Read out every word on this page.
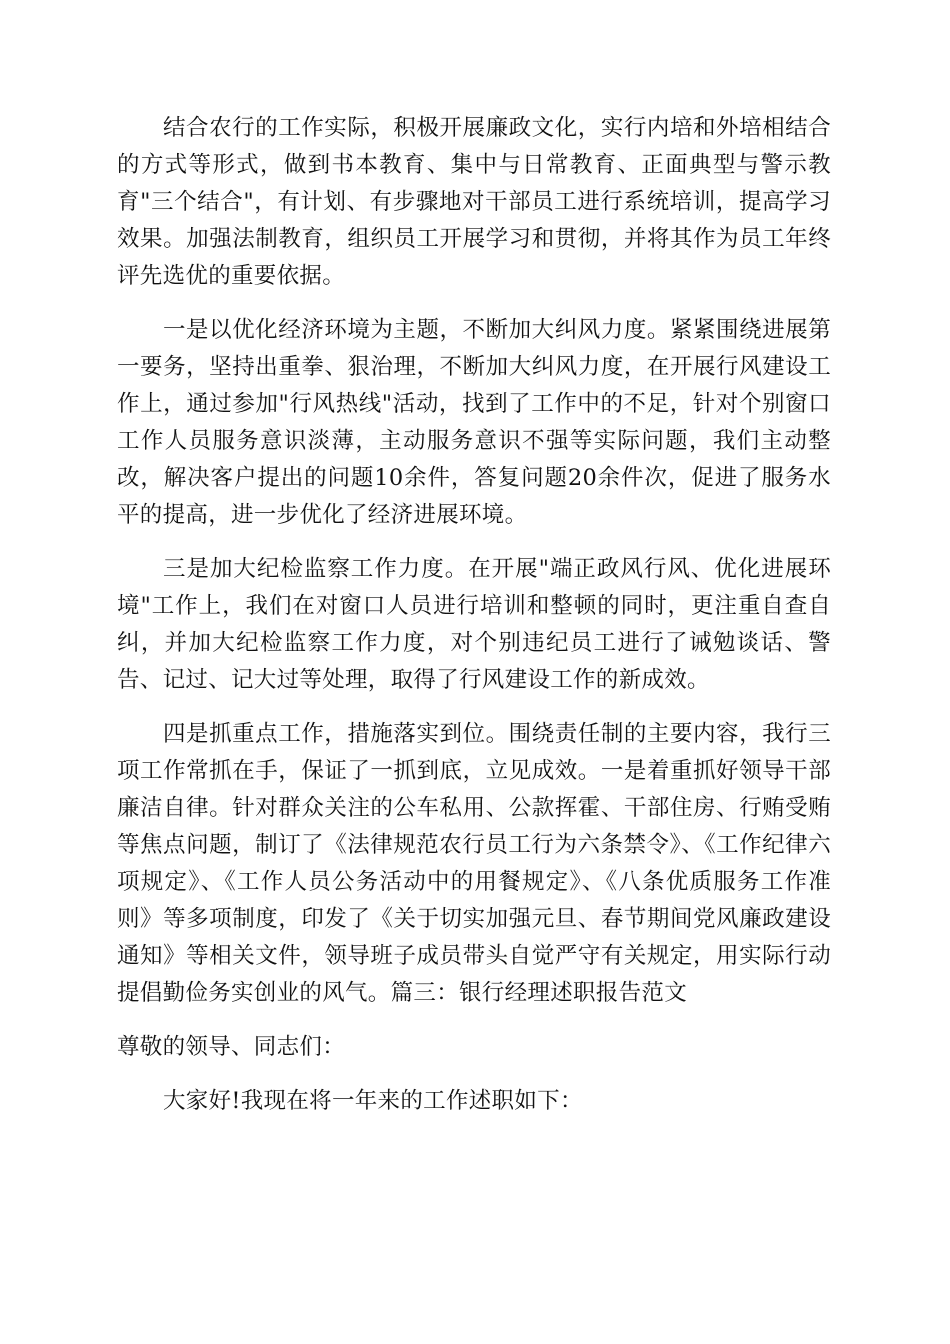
结合农行的工作实际，积极开展廉政文化，实行内培和外培相结合的方式等形式，做到书本教育、集中与日常教育、正面典型与警示教育"三个结合"，有计划、有步骤地对干部员工进行系统培训，提高学习效果。加强法制教育，组织员工开展学习和贯彻，并将其作为员工年终评先选优的重要依据。

一是以优化经济环境为主题，不断加大纠风力度。紧紧围绕进展第一要务，坚持出重拳、狠治理，不断加大纠风力度，在开展行风建设工作上，通过参加"行风热线"活动，找到了工作中的不足，针对个别窗口工作人员服务意识淡薄，主动服务意识不强等实际问题，我们主动整改，解决客户提出的问题10余件，答复问题20余件次，促进了服务水平的提高，进一步优化了经济进展环境。

三是加大纪检监察工作力度。在开展"端正政风行风、优化进展环境"工作上，我们在对窗口人员进行培训和整顿的同时，更注重自查自纠，并加大纪检监察工作力度，对个别违纪员工进行了诫勉谈话、警告、记过、记大过等处理，取得了行风建设工作的新成效。

四是抓重点工作，措施落实到位。围绕责任制的主要内容，我行三项工作常抓在手，保证了一抓到底，立见成效。一是着重抓好领导干部廉洁自律。针对群众关注的公车私用、公款挥霍、干部住房、行贿受贿等焦点问题，制订了《法律规范农行员工行为六条禁令》、《工作纪律六项规定》、《工作人员公务活动中的用餐规定》、《八条优质服务工作准则》等多项制度，印发了《关于切实加强元旦、春节期间党风廉政建设通知》等相关文件，领导班子成员带头自觉严守有关规定，用实际行动提倡勤俭务实创业的风气。篇三：银行经理述职报告范文

尊敬的领导、同志们：

大家好!我现在将一年来的工作述职如下：
